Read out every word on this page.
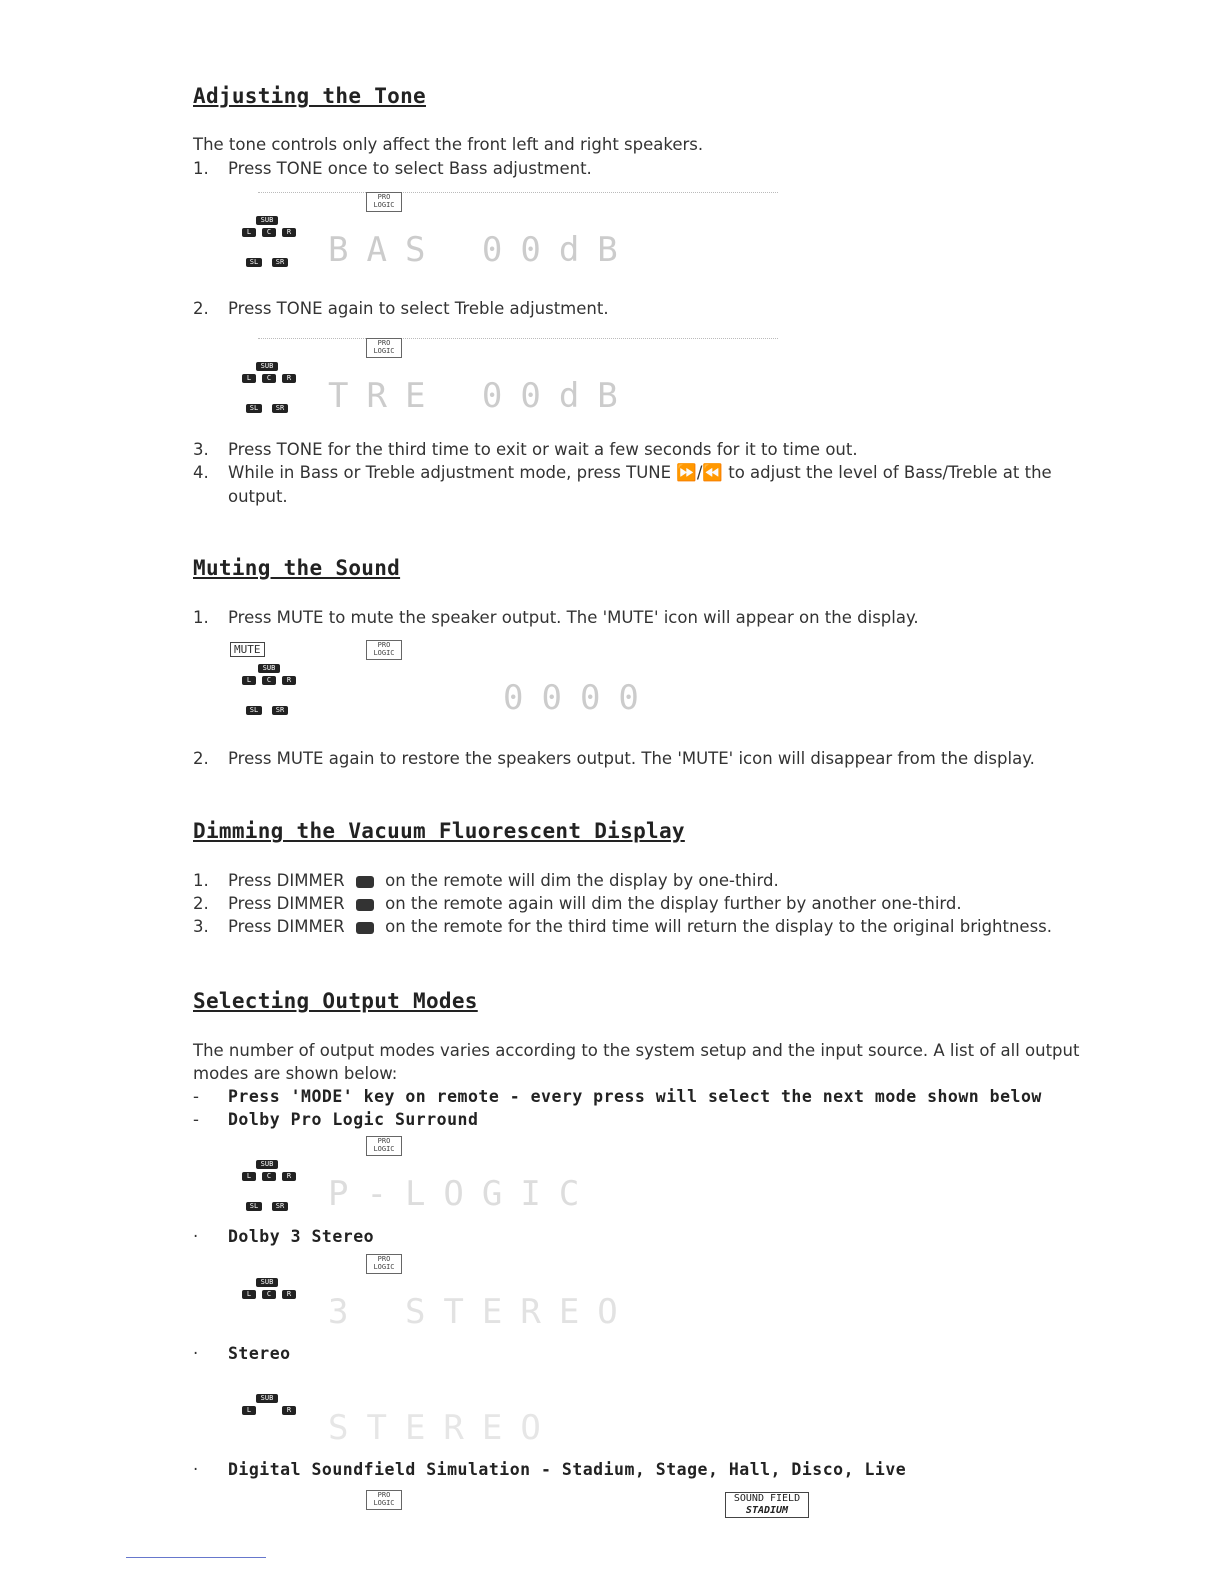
Adjusting the Tone
The tone controls only affect the front left and right speakers.
1. Press TONE once to select Bass adjustment.
PRO
LOGIC
SUB
L	C	R
SL	SR BAS 00dB
2. Press TONE again to select Treble adjustment.
PRO
LOGIC
SUB
L	C	R
SL	SR TRE 00dB
3. Press TONE for the third time to exit or wait a few seconds for it to time out.
4. While in Bass or Treble adjustment mode, press TUNE ⏩/⏪ to adjust the level of Bass/Treble at the
output.
Muting the Sound
1. Press MUTE to mute the speaker output. The 'MUTE' icon will appear on the display.
MUTE	PRO
LOGIC
SUB
L	C	R
SL	SR	0000
2. Press MUTE again to restore the speakers output. The 'MUTE' icon will disappear from the display.
Dimming the Vacuum Fluorescent Display
1. Press DIMMER on the remote will dim the display by one-third.
2. Press DIMMER on the remote again will dim the display further by another one-third.
3. Press DIMMER on the remote for the third time will return the display to the original brightness.
Selecting Output Modes
The number of output modes varies according to the system setup and the input source. A list of all output
modes are shown below:
- Press 'MODE' key on remote - every press will select the next mode shown below
- Dolby Pro Logic Surround
PRO
LOGIC
SUB
L	C	R
SL	SR P-LOGIC
· Dolby 3 Stereo
PRO
LOGIC
SUB
L	C	R 3 STEREO
· Stereo
SUB
L	R STEREO
· Digital Soundfield Simulation - Stadium, Stage, Hall, Disco, Live
PRO
LOGIC	SOUND FIELD
STADIUM
